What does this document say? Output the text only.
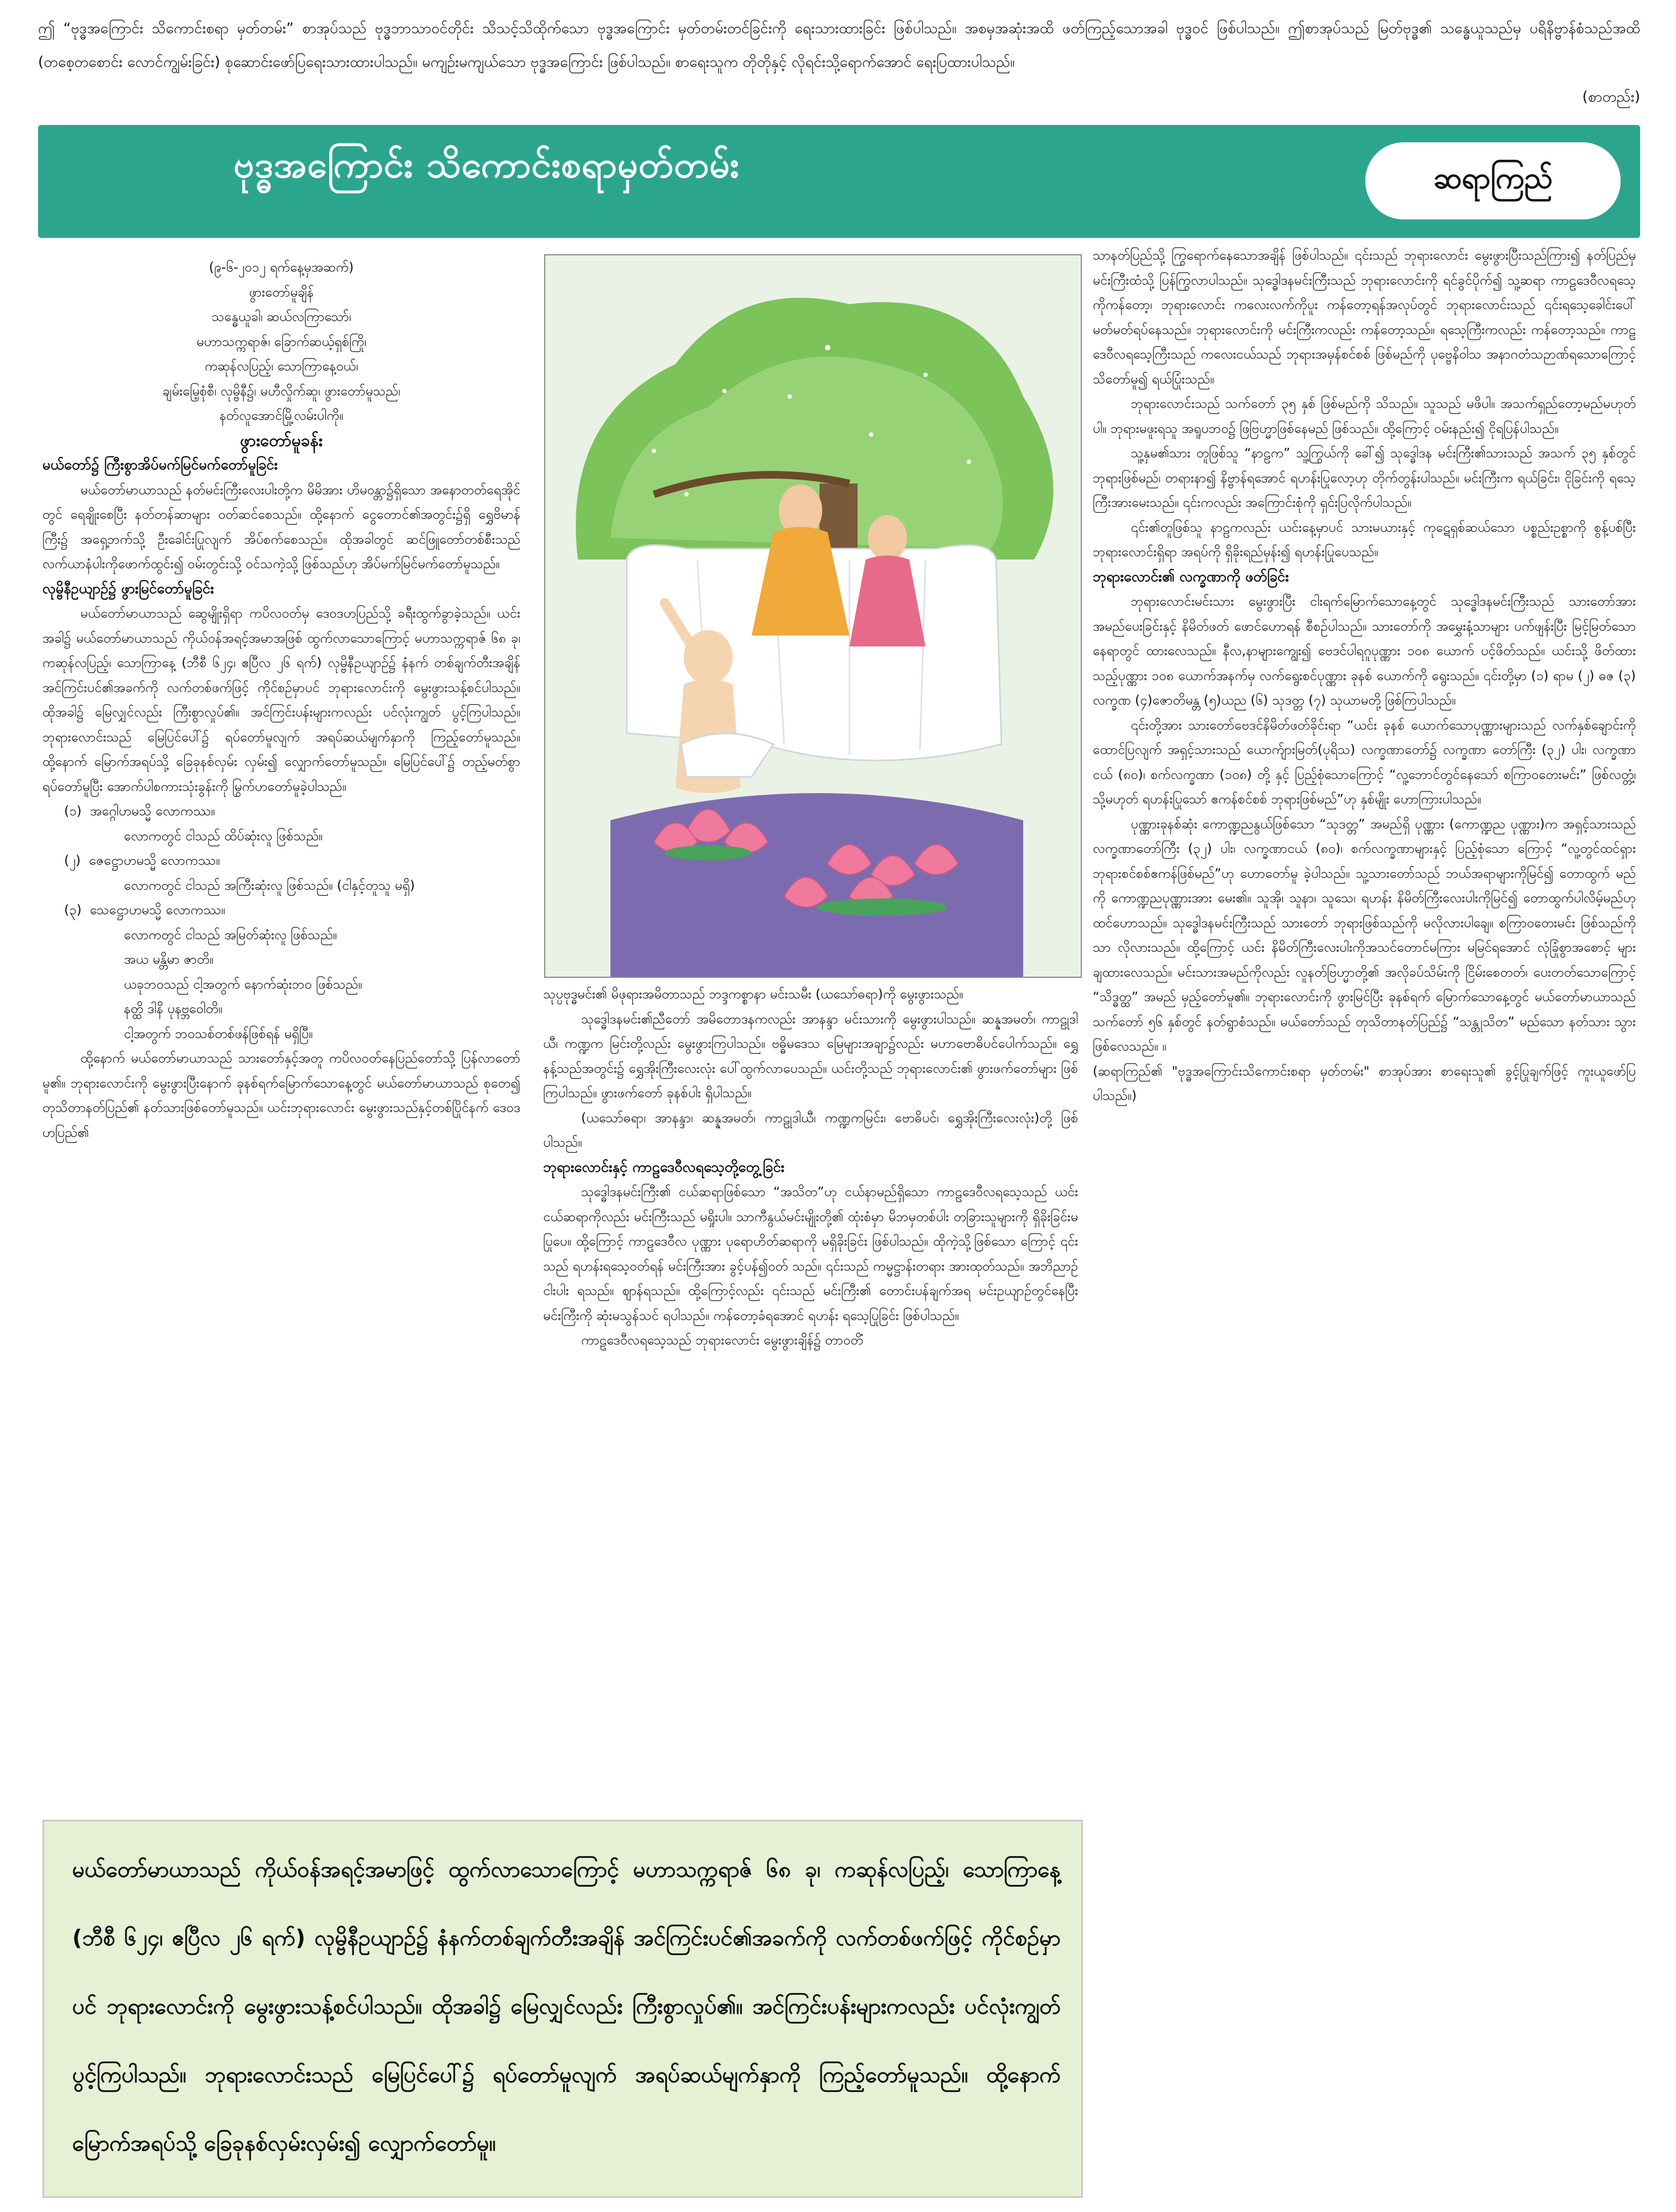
ဤ “ဗုဒ္ဓအကြောင်း သိကောင်းစရာ မှတ်တမ်း” စာအုပ်သည် ဗုဒ္ဓဘာသာဝင်တိုင်း သိသင့်သိထိုက်သော ဗုဒ္ဓအကြောင်း မှတ်တမ်းတင်ခြင်းကို ရေးသားထားခြင်း ဖြစ်ပါသည်။ အစမှအဆုံးအထိ ဖတ်ကြည့်သောအခါ ဗုဒ္ဓဝင် ဖြစ်ပါသည်။ ဤစာအုပ်သည် မြတ်ဗုဒ္ဓ၏ သန္ဓေယူသည်မှ ပရိနိဗ္ဗာန်စံသည်အထိ (တစေ့တစောင်း လောင်ကျွမ်းခြင်း) စုဆောင်းဖော်ပြရေးသားထားပါသည်။ မကျဉ်းမကျယ်သော ဗုဒ္ဓအကြောင်း ဖြစ်ပါသည်။ စာရေးသူက တိုတိုနှင့် လိုရင်းသို့ရောက်အောင် ရေးပြထားပါသည်။
(စာတည်း)
ဗုဒ္ဓအကြောင်း သိကောင်းစရာမှတ်တမ်း	ဆရာကြည်

(၉-၆-၂၀၁၂ ရက်နေ့မှအဆက်)

ဖွားတော်မူချိန်

သန္ဓေယူခါ၊ ဆယ်လကြာသော်၊

မဟာသက္ကရာဇ်၊ ခြောက်ဆယ့်ရှစ်ကြို၊

ကဆုန်လပြည့်၊ သောကြာနေ့ဝယ်၊

ချမ်းမြေ့စုံစီ၊ လုမ္ဗိနီ၌၊ မဟီလှိုက်ဆူ၊ ဖွားတော်မူသည်၊

နတ်လူအောင်မြို့လမ်းပါကို။

ဖွားတော်မူခန်း

မယ်တော်၌ ကြီးစွာအိပ်မက်မြင်မက်တော်မူခြင်း

မယ်တော်မာယာသည် နတ်မင်းကြီးလေးပါးတို့က မိမိအား ဟိမဝန္တာ၌ရှိသော အနောတတ်ရေအိုင်တွင် ရေချိုးစေပြီး နတ်တန်ဆာများ ဝတ်ဆင်စေသည်။ ထို့နောက် ငွေတောင်၏အတွင်း၌ရှိ ရွှေဗိမာန်ကြီး၌ အရှေ့ဘက်သို့ ဦးခေါင်းပြုလျက် အိပ်စက်စေသည်။ ထိုအခါတွင် ဆင်ဖြူတော်တစ်စီးသည် လက်ယာနံပါးကိုဖောက်ထွင်း၍ ဝမ်းတွင်းသို့ ဝင်သကဲ့သို့ ဖြစ်သည်ဟု အိပ်မက်မြင်မက်တော်မူသည်။

လုမ္ဗိနီဥယျာဉ်၌ ဖွားမြင်တော်မူခြင်း

မယ်တော်မာယာသည် ဆွေမျိုးရှိရာ ကပိလဝတ်မှ ဒေဝဒဟပြည်သို့ ခရီးထွက်ခွာခဲ့သည်။ ယင်းအခါ၌ မယ်တော်မာယာသည် ကိုယ်ဝန်အရင့်အမာအဖြစ် ထွက်လာသောကြောင့် မဟာသက္ကရာဇ် ၆၈ ခု၊ ကဆုန်လပြည့်၊ သောကြာနေ့ (ဘီစီ ၆၂၄၊ ဧပြီလ ၂၆ ရက်) လုမ္ဗိနီဥယျာဉ်၌ နံနက် တစ်ချက်တီးအချိန် အင်ကြင်းပင်၏အခက်ကို လက်တစ်ဖက်ဖြင့် ကိုင်စဉ်မှာပင် ဘုရားလောင်းကို မွေးဖွားသန့်စင်ပါသည်။ ထိုအခါ၌ မြေလျှင်လည်း ကြီးစွာလှုပ်၏။ အင်ကြင်းပန်းများကလည်း ပင်လုံးကျွတ် ပွင့်ကြပါသည်။ ဘုရားလောင်းသည် မြေပြင်ပေါ်၌ ရပ်တော်မူလျက် အရပ်ဆယ်မျက်နှာကို ကြည့်တော်မူသည်။ ထို့နောက် မြောက်အရပ်သို့ ခြေခုနစ်လှမ်း လှမ်း၍ လျှောက်တော်မူသည်။ မြေပြင်ပေါ်၌ တည့်မတ်စွာရပ်တော်မူပြီး အောက်ပါစကားသုံးခွန်းကို မြွက်ဟတော်မူခဲ့ပါသည်။

(၁) အဂ္ဂေါဟမသ္မိ လောကဿ။

လောကတွင် ငါသည် ထိပ်ဆုံးလူ ဖြစ်သည်။

(၂) ဇေဋ္ဌောဟမသ္မိ လောကဿ။

လောကတွင် ငါသည် အကြီးဆုံးလူ ဖြစ်သည်။ (ငါနှင့်တူသူ မရှိ)

(၃) သေဋ္ဌောဟမသ္မိ လောကဿ။

လောကတွင် ငါသည် အမြတ်ဆုံးလူ ဖြစ်သည်။

အယ မန္တိမာ ဇာတိ။

ယခုဘဝသည် ငါ့အတွက် နောက်ဆုံးဘဝ ဖြစ်သည်။

နတ္ထိ ဒါနိ ပုနဗ္ဘဝေါတိ။

ငါ့အတွက် ဘဝသစ်တစ်ဖန်ဖြစ်ရန် မရှိပြီ။

ထို့နောက် မယ်တော်မာယာသည် သားတော်နှင့်အတူ ကပိလဝတ်နေပြည်တော်သို့ ပြန်လာတော်မူ၏။ ဘုရားလောင်းကို မွေးဖွားပြီးနောက် ခုနစ်ရက်မြောက်သောနေ့တွင် မယ်တော်မာယာသည် စုတေ၍ တုသိတာနတ်ပြည်၏ နတ်သားဖြစ်တော်မူသည်။ ယင်းဘုရားလောင်း မွေးဖွားသည်နှင့်တစ်ပြိုင်နက် ဒေဝဒဟပြည်၏

သုပ္ပဗုဒ္ဓမင်း၏ မိဖုရားအမိတာသည် ဘဒ္ဒကစ္စာနာ မင်းသမီး (ယသော်ဓရာ)ကို မွေးဖွားသည်။

သုဒ္ဓေါဒနမင်း၏ညီတော် အမိတောဒနကလည်း အာနန္ဒာ မင်းသားကို မွေးဖွားပါသည်။ ဆန္နအမတ်၊ ကာဠုဒါယီ၊ ကဏ္ဍက မြင်းတို့လည်း မွေးဖွားကြပါသည်။ ဗဓ္ဓိမဒေသ မြေများအချာ၌လည်း မဟာဗောဓိပင်ပေါက်သည်။ ရွှေနန့်သည်အတွင်း၌ ရွှေအိုးကြီးလေးလုံး ပေါ်ထွက်လာပေသည်။ ယင်းတို့သည် ဘုရားလောင်း၏ ဖွားဖက်တော်များ ဖြစ်ကြပါသည်။ ဖွားဖက်တော် ခုနစ်ပါး ရှိပါသည်။

(ယသော်ဓရာ၊ အာနန္ဒာ၊ ဆန္နအမတ်၊ ကာဠုဒါယီ၊ ကဏ္ဍကမြင်း၊ ဗောဓိပင်၊ ရွှေအိုးကြီးလေးလုံး)တို့ ဖြစ်ပါသည်။

ဘုရားလောင်းနှင့် ကာဠဒေဝီလရသေ့တို့တွေ့ခြင်း

သုဒ္ဓေါဒနမင်းကြီး၏ ငယ်ဆရာဖြစ်သော “အသိတ”ဟု ငယ်နာမည်ရှိသော ကာဠဒေဝီလရသေ့သည် ယင်းငယ်ဆရာကိုလည်း မင်းကြီးသည် မရှိုးပါ။ သာကီနွယ်မင်းမျိုးတို့၏ ထုံးစံမှာ မိဘမှတစ်ပါး တခြားသူများကို ရှိခိုးခြင်းမပြုပေ။ ထို့ကြောင့် ကာဠဒေဝီလ ပုဏ္ဏား ပုရောဟိတ်ဆရာကို မရှိခိုးခြင်း ဖြစ်ပါသည်။ ထိုကဲ့သို့ဖြစ်သော ကြောင့် ၎င်းသည် ရဟန်းရသေ့ဝတ်ရန် မင်းကြီးအား ခွင့်ပန်၍ဝတ် သည်။ ၎င်းသည် ကမ္မဋ္ဌာန်းတရား အားထုတ်သည်။ အဘိညာဉ်ငါးပါး ရသည်။ ဈာန်ရသည်။ ထို့ကြောင့်လည်း ၎င်းသည် မင်းကြီး၏ တောင်းပန်ချက်အရ မင်းဥယျာဉ်တွင်နေပြီး မင်းကြီးကို ဆုံးမသွန်သင် ရပါသည်။ ကန်တော့ခံရအောင် ရဟန်း ရသေ့ပြုခြင်း ဖြစ်ပါသည်။

ကာဠဒေဝီလရသေ့သည် ဘုရားလောင်း မွေးဖွားချိန်၌ တာဝတိံ

သာနတ်ပြည်သို့ ကြွရောက်နေသောအချိန် ဖြစ်ပါသည်။ ၎င်းသည် ဘုရားလောင်း မွေးဖွားပြီးသည်ကြား၍ နတ်ပြည်မှ မင်းကြီးထံသို့ ပြန်ကြွလာပါသည်။ သုဒ္ဓေါဒနမင်းကြီးသည် ဘုရားလောင်းကို ရင်ခွင်ပိုက်၍ သူ့ဆရာ ကာဠဒေဝီလရသေ့ကိုကန်တော့၊ ဘုရားလောင်း ကလေးလက်ကိုပူး ကန်တော့ရန်အလုပ်တွင် ဘုရားလောင်းသည် ၎င်းရသေ့ခေါင်းပေါ် မတ်မတ်ရပ်နေသည်။ ဘုရားလောင်းကို မင်းကြီးကလည်း ကန်တော့သည်။ ရသေ့ကြီးကလည်း ကန်တော့သည်။ ကာဠဒေဝီလရသေ့ကြီးသည် ကလေးငယ်သည် ဘုရားအမှန်စင်စစ် ဖြစ်မည်ကို ပုဗ္ဗေနိဝါသ အနာဂတံသဉာဏ်ရသောကြောင့် သိတော်မူ၍ ရယ်ပြုံးသည်။

ဘုရားလောင်းသည် သက်တော် ၃၅ နှစ် ဖြစ်မည်ကို သိသည်။ သူသည် မဖိပါ။ အသက်ရှည်တော့မည်မဟုတ်ပါ။ ဘုရားမဖူးရသူ အရူပဘဝ၌ ဖြဗြဟ္မာဖြစ်နေမည် ဖြစ်သည်။ ထို့ကြောင့် ဝမ်းနည်း၍ ငိုရပြန်ပါသည်။

သူ့နှမ၏သား တူဖြစ်သူ “နာဠက” သူ့ကြွယ်ကို ခေါ်၍ သုဒ္ဓေါဒန မင်းကြီး၏သားသည် အသက် ၃၅ နှစ်တွင် ဘုရားဖြစ်မည်၊ တရားနာ၍ နိဗ္ဗာန်ရအောင် ရဟန်းပြုလော့ဟု တိုက်တွန်းပါသည်။ မင်းကြီးက ရယ်ခြင်း၊ ငိုခြင်းကို ရသေ့ကြီးအားမေးသည်။ ၎င်းကလည်း အကြောင်းစုံကို ရှင်းပြလိုက်ပါသည်။

၎င်း၏တူဖြစ်သူ နာဠကလည်း ယင်းနေ့မှာပင် သားမယားနှင့် ကုဋေရှစ်ဆယ်သော ပစ္စည်းဥစ္စာကို စွန့်ပစ်ပြီး ဘုရားလောင်းရှိရာ အရပ်ကို ရှိခိုးရည်မှန်း၍ ရဟန်းပြုပေသည်။

ဘုရားလောင်း၏ လက္ခဏာကို ဖတ်ခြင်း

ဘုရားလောင်းမင်းသား မွေးဖွားပြီး ငါးရက်မြောက်သောနေ့တွင် သုဒ္ဓေါဒနမင်းကြီးသည် သားတော်အား အမည်ပေးခြင်းနှင့် နိမိတ်ဖတ် ဖောင်ဟောရန် စီစဉ်ပါသည်။ သားတော်ကို အမွှေးနံ့သာများ ပက်ဖျန်းပြီး မြင့်မြတ်သောနေရာတွင် ထားလေသည်။ နီလ,နာများကျွေး၍ ဗေဒင်ပါရဂူပုဏ္ဏား ၁၀၈ ယောက် ပင့်ဖိတ်သည်။ ယင်းသို့ ဖိတ်ထား သည့်ပုဏ္ဏား ၁၀၈ ယောက်အနက်မှ လက်ရွေးစင်ပုဏ္ဏား ခုနစ် ယောက်ကို ရွေးသည်။ ၎င်းတို့မှာ (၁) ရာမ (၂) ဓဇ (၃) လက္ခဏ (၄)ဇောတိမန္တ (၅)ယည (၆) သုဒတ္တ (၇) သုယာမတို့ ဖြစ်ကြပါသည်။

၎င်းတို့အား သားတော်ဗေဒင်နိမိတ်ဖတ်ခိုင်းရာ “ယင်း ခုနစ် ယောက်သောပုဏ္ဏားများသည် လက်နှစ်ချောင်းကို ထောင်ပြလျက် အရှင့်သားသည် ယောက်ျားမြတ်(ပုရိသ) လက္ခဏာတော်၌ လက္ခဏာ တော်ကြီး (၃၂) ပါး၊ လက္ခဏာငယ် (၈၀)၊ စက်လက္ခဏာ (၁၀၈) တို့ နှင့် ပြည့်စုံသောကြောင့် “လူ့ဘောင်တွင်နေသော် စကြာဝတေးမင်း” ဖြစ်လတ္တံ့၊ သို့မဟုတ် ရဟန်းပြုသော် ဧကန်စင်စစ် ဘုရားဖြစ်မည်”ဟု နှစ်မျိုး ဟောကြားပါသည်။

ပုဏ္ဏားခုနစ်ဆုံး ကောဏ္ဍညနွယ်ဖြစ်သော “သုဒတ္တ” အမည်ရှိ ပုဏ္ဏား (ကောဏ္ဍည ပုဏ္ဏား)က အရှင့်သားသည် လက္ခဏာတော်ကြီး (၃၂) ပါး၊ လက္ခဏာငယ် (၈၀)၊ စက်လက္ခဏာများနှင့် ပြည့်စုံသော ကြောင့် “လူ့တွင်ထင်ရှား ဘုရားစင်စစ်ဧကန်ဖြစ်မည်”ဟု ဟောတော်မူ ခဲ့ပါသည်။ သူ့သားတော်သည် ဘယ်အရာများကိုမြင်၍ တောထွက် မည်ကို ကောဏ္ဍညပုဏ္ဏားအား မေး၏။ သူအို၊ သူနာ၊ သူသေ၊ ရဟန်း နိမိတ်ကြီးလေးပါးကိုမြင်၍ တောထွက်ပါလိမ့်မည်ဟု ထင်ဟောသည်။ သုဒ္ဓေါဒနမင်းကြီးသည် သားတော် ဘုရားဖြစ်သည်ကို မလိုလားပါချေ။ စကြာဝတေးမင်း ဖြစ်သည်ကိုသာ လိုလားသည်။ ထို့ကြောင့် ယင်း နိမိတ်ကြီးလေးပါးကိုအသင်တောင်မကြား မမြင်ရအောင် လုံခြုံစွာအစောင့် များ ချထားလေသည်။ မင်းသားအမည်ကိုလည်း လူနတ်ဗြဟ္မာတို့၏ အလိုခပ်သိမ်းကို ငြိမ်းစေတတ်၊ ပေးတတ်သောကြောင့် “သိဒ္ဓတ္ထ” အမည် မှည့်တော်မူ၏။ ဘုရားလောင်းကို ဖွားမြင်ပြီး ခုနစ်ရက် မြောက်သောနေ့တွင် မယ်တော်မာယာသည် သက်တော် ၅၆ နှစ်တွင် နတ်ရွာစံသည်။ မယ်တော်သည် တုသိတာနတ်ပြည်၌ “သန္တုသိတ” မည်သော နတ်သား သွားဖြစ်လေသည်။ ။

(ဆရာကြည်၏ "ဗုဒ္ဓအကြောင်းသိကောင်းစရာ မှတ်တမ်း" စာအုပ်အား စာရေးသူ၏ ခွင့်ပြုချက်ဖြင့် ကူးယူဖော်ပြပါသည်။)

မယ်တော်မာယာသည် ကိုယ်ဝန်အရင့်အမာဖြင့် ထွက်လာသောကြောင့် မဟာသက္ကရာဇ် ၆၈ ခု၊ ကဆုန်လပြည့်၊ သောကြာနေ့ (ဘီစီ ၆၂၄၊ ဧပြီလ ၂၆ ရက်) လုမ္ဗိနီဥယျာဉ်၌ နံနက်တစ်ချက်တီးအချိန် အင်ကြင်းပင်၏အခက်ကို လက်တစ်ဖက်ဖြင့် ကိုင်စဉ်မှာပင် ဘုရားလောင်းကို မွေးဖွားသန့်စင်ပါသည်။ ထိုအခါ၌ မြေလျှင်လည်း ကြီးစွာလှုပ်၏။ အင်ကြင်းပန်းများကလည်း ပင်လုံးကျွတ် ပွင့်ကြပါသည်။ ဘုရားလောင်းသည် မြေပြင်ပေါ်၌ ရပ်တော်မူလျက် အရပ်ဆယ်မျက်နှာကို ကြည့်တော်မူသည်။ ထို့နောက် မြောက်အရပ်သို့ ခြေခုနစ်လှမ်းလှမ်း၍ လျှောက်တော်မူ။
